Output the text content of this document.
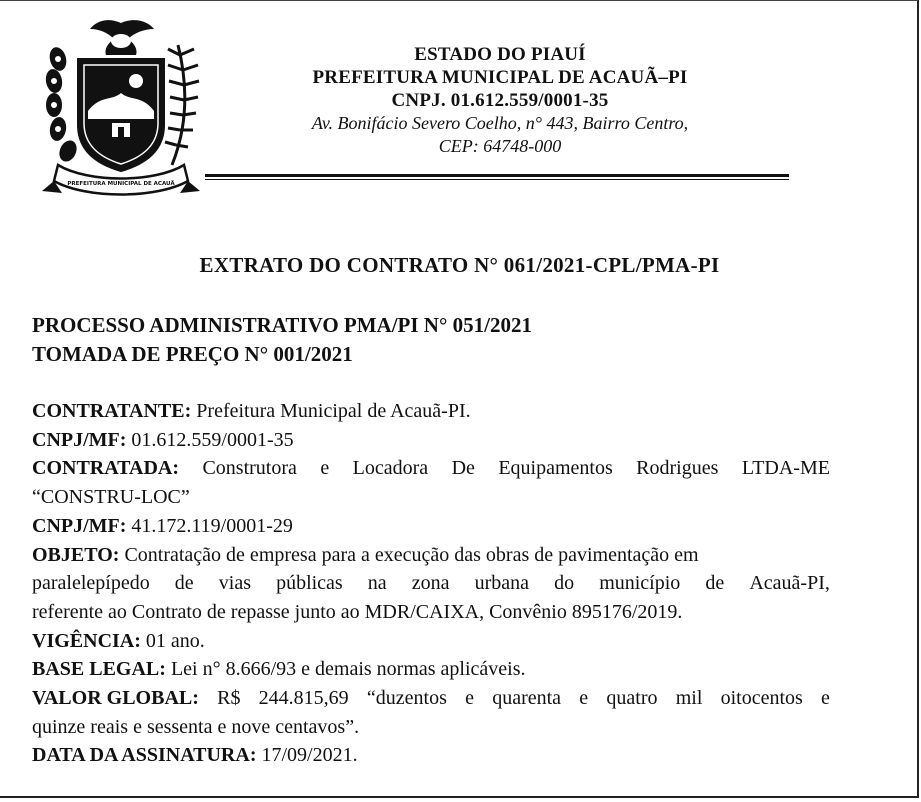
PREFEITURA MUNICIPAL DE ACAUÃ
ESTADO DO PIAUÍ
PREFEITURA MUNICIPAL DE ACAUÃ–PI
CNPJ. 01.612.559/0001-35
Av. Bonifácio Severo Coelho, n° 443, Bairro Centro,
CEP: 64748-000
EXTRATO DO CONTRATO N° 061/2021-CPL/PMA-PI
PROCESSO ADMINISTRATIVO PMA/PI N° 051/2021
TOMADA DE PREÇO N° 001/2021
CONTRATANTE: Prefeitura Municipal de Acauã-PI.
CNPJ/MF: 01.612.559/0001-35
CONTRATADA: Construtora e Locadora De Equipamentos Rodrigues LTDA-ME
“CONSTRU-LOC”
CNPJ/MF: 41.172.119/0001-29
OBJETO: Contratação de empresa para a execução das obras de pavimentação em
paralelepípedo de vias públicas na zona urbana do município de Acauã-PI,
referente ao Contrato de repasse junto ao MDR/CAIXA, Convênio 895176/2019.
VIGÊNCIA: 01 ano.
BASE LEGAL: Lei n° 8.666/93 e demais normas aplicáveis.
VALOR GLOBAL: R$ 244.815,69 “duzentos e quarenta e quatro mil oitocentos e
quinze reais e sessenta e nove centavos”.
DATA DA ASSINATURA: 17/09/2021.
